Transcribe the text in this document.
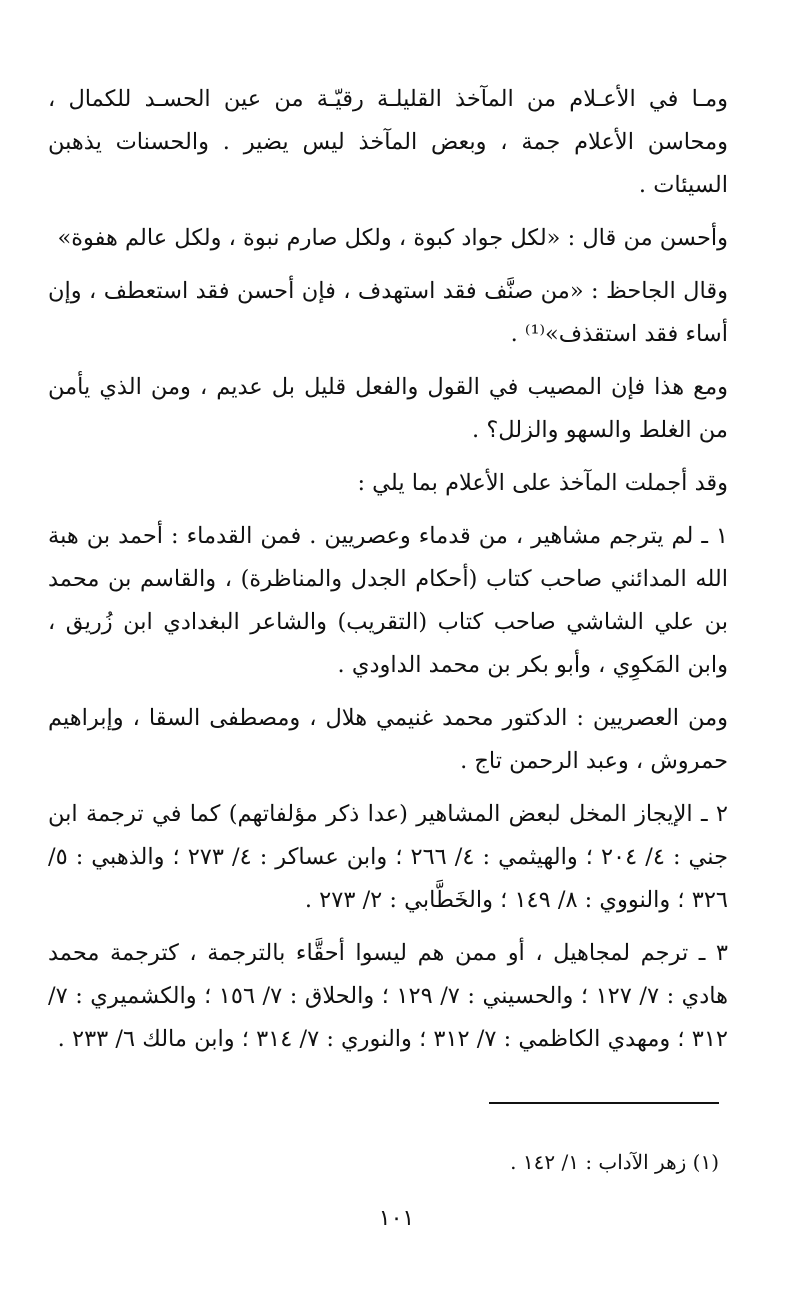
ومـا في الأعـلام من المآخذ القليلـة رقيّـة من عين الحسـد للكمال ، ومحاسن الأعلام جمة ، وبعض المآخذ ليس يضير . والحسنات يذهبن السيئات .

وأحسن من قال : «لكل جواد كبوة ، ولكل صارم نبوة ، ولكل عالم هفوة»

وقال الجاحظ : «من صنَّف فقد استهدف ، فإن أحسن فقد استعطف ، وإن أساء فقد استقذف»⁽¹⁾ .

ومع هذا فإن المصيب في القول والفعل قليل بل عديم ، ومن الذي يأمن من الغلط والسهو والزلل؟ .

وقد أجملت المآخذ على الأعلام بما يلي :

١ ـ لم يترجم مشاهير ، من قدماء وعصريين . فمن القدماء : أحمد بن هبة الله المدائني صاحب كتاب (أحكام الجدل والمناظرة) ، والقاسم بن محمد بن علي الشاشي صاحب كتاب (التقريب) والشاعر البغدادي ابن زُريق ، وابن المَكوِي ، وأبو بكر بن محمد الداودي .

ومن العصريين : الدكتور محمد غنيمي هلال ، ومصطفى السقا ، وإبراهيم حمروش ، وعبد الرحمن تاج .

٢ ـ الإيجاز المخل لبعض المشاهير (عدا ذكر مؤلفاتهم) كما في ترجمة ابن جني : ٤/ ٢٠٤ ؛ والهيثمي : ٤/ ٢٦٦ ؛ وابن عساكر : ٤/ ٢٧٣ ؛ والذهبي : ٥/ ٣٢٦ ؛ والنووي : ٨/ ١٤٩ ؛ والخَطَّابي : ٢/ ٢٧٣ .

٣ ـ ترجم لمجاهيل ، أو ممن هم ليسوا أحقَّاء بالترجمة ، كترجمة محمد هادي : ٧/ ١٢٧ ؛ والحسيني : ٧/ ١٢٩ ؛ والحلاق : ٧/ ١٥٦ ؛ والكشميري : ٧/ ٣١٢ ؛ ومهدي الكاظمي : ٧/ ٣١٢ ؛ والنوري : ٧/ ٣١٤ ؛ وابن مالك ٦/ ٢٣٣ .

(١) زهر الآداب : ١/ ١٤٢ .
١٠١
